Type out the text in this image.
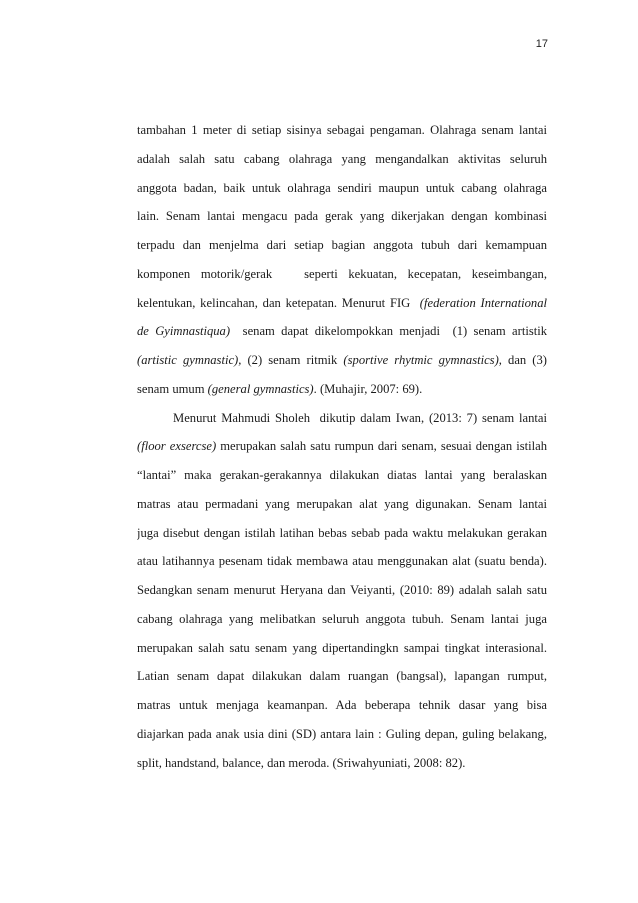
17
tambahan 1 meter di setiap sisinya sebagai pengaman. Olahraga senam lantai
adalah salah satu cabang olahraga yang mengandalkan aktivitas seluruh
anggota badan, baik untuk olahraga sendiri maupun untuk cabang olahraga
lain. Senam lantai mengacu pada gerak yang dikerjakan dengan kombinasi
terpadu dan menjelma dari setiap bagian anggota tubuh dari kemampuan
komponen motorik/gerak   seperti kekuatan, kecepatan, keseimbangan,
kelentukan, kelincahan, dan ketepatan. Menurut FIG  (federation International
de Gyimnastiqua)  senam dapat dikelompokkan menjadi  (1) senam artistik
(artistic gymnastic), (2) senam ritmik (sportive rhytmic gymnastics), dan (3)
senam umum (general gymnastics). (Muhajir, 2007: 69).
Menurut Mahmudi Sholeh  dikutip dalam Iwan, (2013: 7) senam lantai
(floor exsercse) merupakan salah satu rumpun dari senam, sesuai dengan istilah
“lantai” maka gerakan-gerakannya dilakukan diatas lantai yang beralaskan
matras atau permadani yang merupakan alat yang digunakan. Senam lantai
juga disebut dengan istilah latihan bebas sebab pada waktu melakukan gerakan
atau latihannya pesenam tidak membawa atau menggunakan alat (suatu benda).
Sedangkan senam menurut Heryana dan Veiyanti, (2010: 89) adalah salah satu
cabang olahraga yang melibatkan seluruh anggota tubuh. Senam lantai juga
merupakan salah satu senam yang dipertandingkn sampai tingkat interasional.
Latian senam dapat dilakukan dalam ruangan (bangsal), lapangan rumput,
matras untuk menjaga keamanpan. Ada beberapa tehnik dasar yang bisa
diajarkan pada anak usia dini (SD) antara lain : Guling depan, guling belakang,
split, handstand, balance, dan meroda. (Sriwahyuniati, 2008: 82).
